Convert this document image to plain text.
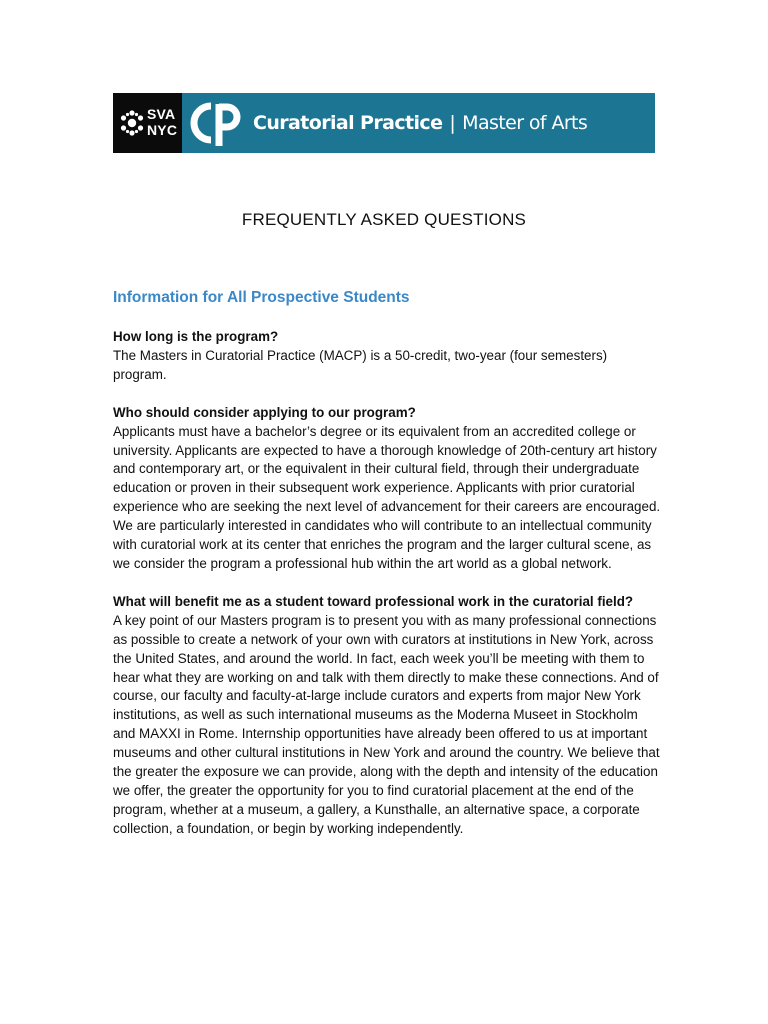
SVA
NYC	Curatorial Practice | Master of Arts
FREQUENTLY ASKED QUESTIONS
Information for All Prospective Students

How long is the program?

The Masters in Curatorial Practice (MACP) is a 50-credit, two-year (four semesters) program.

Who should consider applying to our program?

Applicants must have a bachelor’s degree or its equivalent from an accredited college or university. Applicants are expected to have a thorough knowledge of 20th-century art history and contemporary art, or the equivalent in their cultural field, through their undergraduate education or proven in their subsequent work experience. Applicants with prior curatorial experience who are seeking the next level of advancement for their careers are encouraged. We are particularly interested in candidates who will contribute to an intellectual community with curatorial work at its center that enriches the program and the larger cultural scene, as we consider the program a professional hub within the art world as a global network.

What will benefit me as a student toward professional work in the curatorial field?

A key point of our Masters program is to present you with as many professional connections as possible to create a network of your own with curators at institutions in New York, across the United States, and around the world. In fact, each week you’ll be meeting with them to hear what they are working on and talk with them directly to make these connections. And of course, our faculty and faculty-at-large include curators and experts from major New York institutions, as well as such international museums as the Moderna Museet in Stockholm and MAXXI in Rome. Internship opportunities have already been offered to us at important museums and other cultural institutions in New York and around the country. We believe that the greater the exposure we can provide, along with the depth and intensity of the education we offer, the greater the opportunity for you to find curatorial placement at the end of the program, whether at a museum, a gallery, a Kunsthalle, an alternative space, a corporate collection, a foundation, or begin by working independently.
